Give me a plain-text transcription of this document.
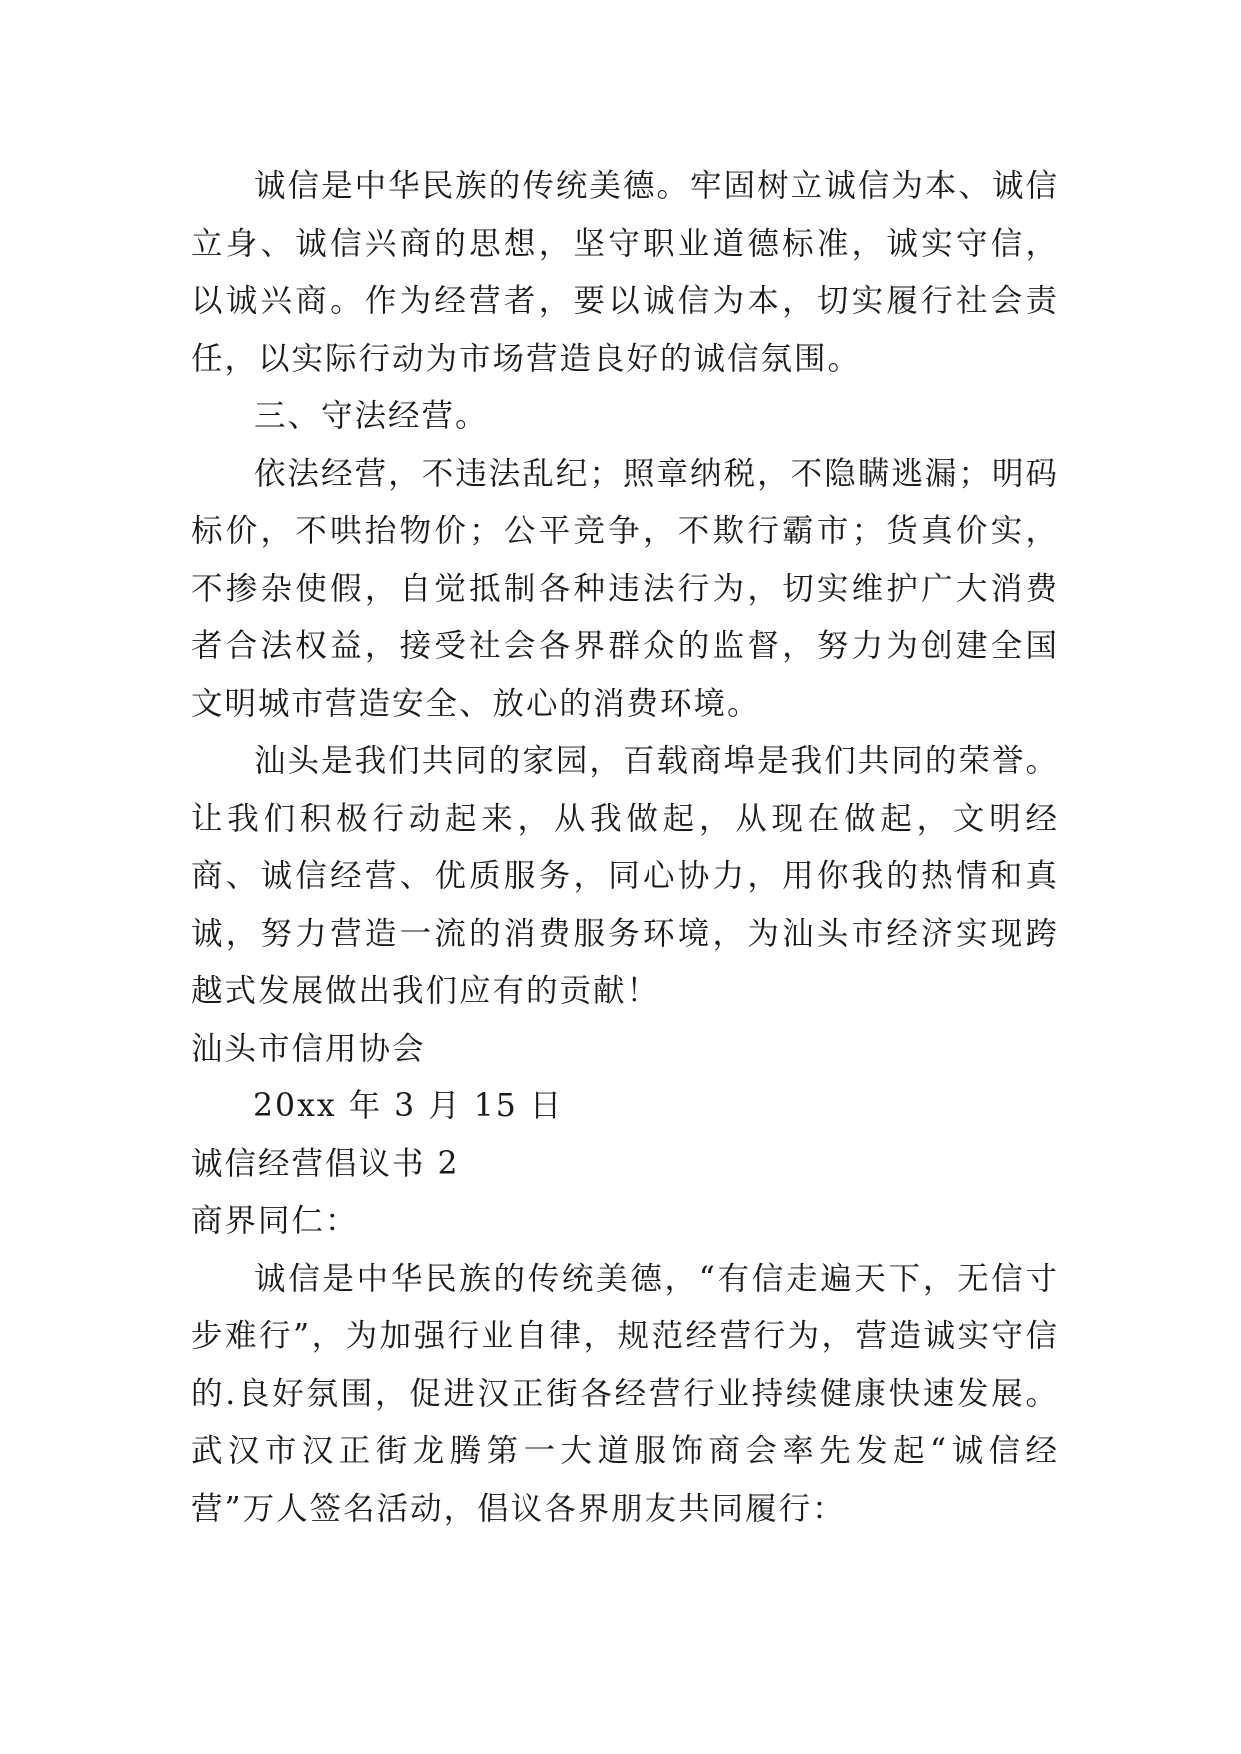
诚信是中华民族的传统美德。牢固树立诚信为本、诚信立身、诚信兴商的思想，坚守职业道德标准，诚实守信，以诚兴商。作为经营者，要以诚信为本，切实履行社会责任，以实际行动为市场营造良好的诚信氛围。

三、守法经营。

依法经营，不违法乱纪；照章纳税，不隐瞒逃漏；明码标价，不哄抬物价；公平竞争，不欺行霸市；货真价实，不掺杂使假，自觉抵制各种违法行为，切实维护广大消费者合法权益，接受社会各界群众的监督，努力为创建全国文明城市营造安全、放心的消费环境。

汕头是我们共同的家园，百载商埠是我们共同的荣誉。让我们积极行动起来，从我做起，从现在做起，文明经商、诚信经营、优质服务，同心协力，用你我的热情和真诚，努力营造一流的消费服务环境，为汕头市经济实现跨越式发展做出我们应有的贡献！

汕头市信用协会

20xx 年 3 月 15 日

诚信经营倡议书 2

商界同仁：

诚信是中华民族的传统美德，“有信走遍天下，无信寸步难行”，为加强行业自律，规范经营行为，营造诚实守信的.良好氛围，促进汉正街各经营行业持续健康快速发展。武汉市汉正街龙腾第一大道服饰商会率先发起“诚信经营”万人签名活动，倡议各界朋友共同履行：
